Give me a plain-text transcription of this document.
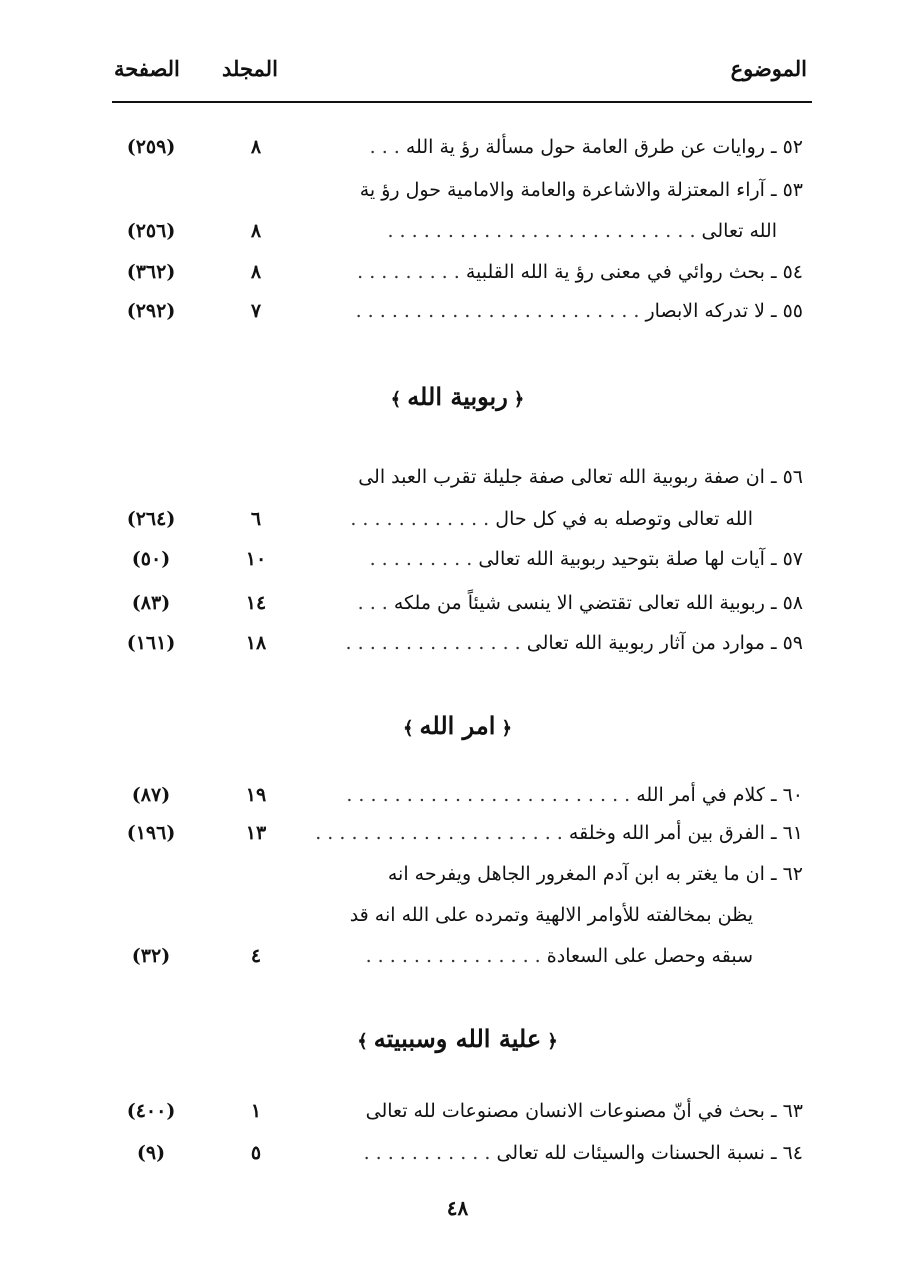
الموضوع
المجلد
الصفحة
٥٢ ـ روايات عن طرق العامة حول مسألة رؤ ية الله . . .
٨
(٢٥٩)
٥٣ ـ آراء المعتزلة والاشاعرة والعامة والامامية حول رؤ ية
الله تعالى . . . . . . . . . . . . . . . . . . . . . . . . . .
٨
(٢٥٦)
٥٤ ـ بحث روائي في معنى رؤ ية الله القلبية . . . . . . . . .
٨
(٣٦٢)
٥٥ ـ لا تدركه الابصار . . . . . . . . . . . . . . . . . . . . . . . .
٧
(٢٩٢)
﴿ربوبية الله﴾
٥٦ ـ ان صفة ربوبية الله تعالى صفة جليلة تقرب العبد الى
الله تعالى وتوصله به في كل حال . . . . . . . . . . . .
٦
(٢٦٤)
٥٧ ـ آيات لها صلة بتوحيد ربوبية الله تعالى . . . . . . . . .
١٠
(٥٠)
٥٨ ـ ربوبية الله تعالى تقتضي الا ينسى شيئاً من ملكه . . .
١٤
(٨٣)
٥٩ ـ موارد من آثار ربوبية الله تعالى . . . . . . . . . . . . . . .
١٨
(١٦١)
﴿امر الله﴾
٦٠ ـ كلام في أمر الله . . . . . . . . . . . . . . . . . . . . . . . .
١٩
(٨٧)
٦١ ـ الفرق بين أمر الله وخلقه . . . . . . . . . . . . . . . . . . . . .
١٣
(١٩٦)
٦٢ ـ ان ما يغتر به ابن آدم المغرور الجاهل ويفرحه انه
يظن بمخالفته للأوامر الالهية وتمرده على الله انه قد
سبقه وحصل على السعادة . . . . . . . . . . . . . . .
٤
(٣٢)
﴿علية الله وسببيته﴾
٦٣ ـ بحث في أنّ مصنوعات الانسان مصنوعات لله تعالى
١
(٤٠٠)
٦٤ ـ نسبة الحسنات والسيئات لله تعالى . . . . . . . . . . .
٥
(٩)
٤٨
